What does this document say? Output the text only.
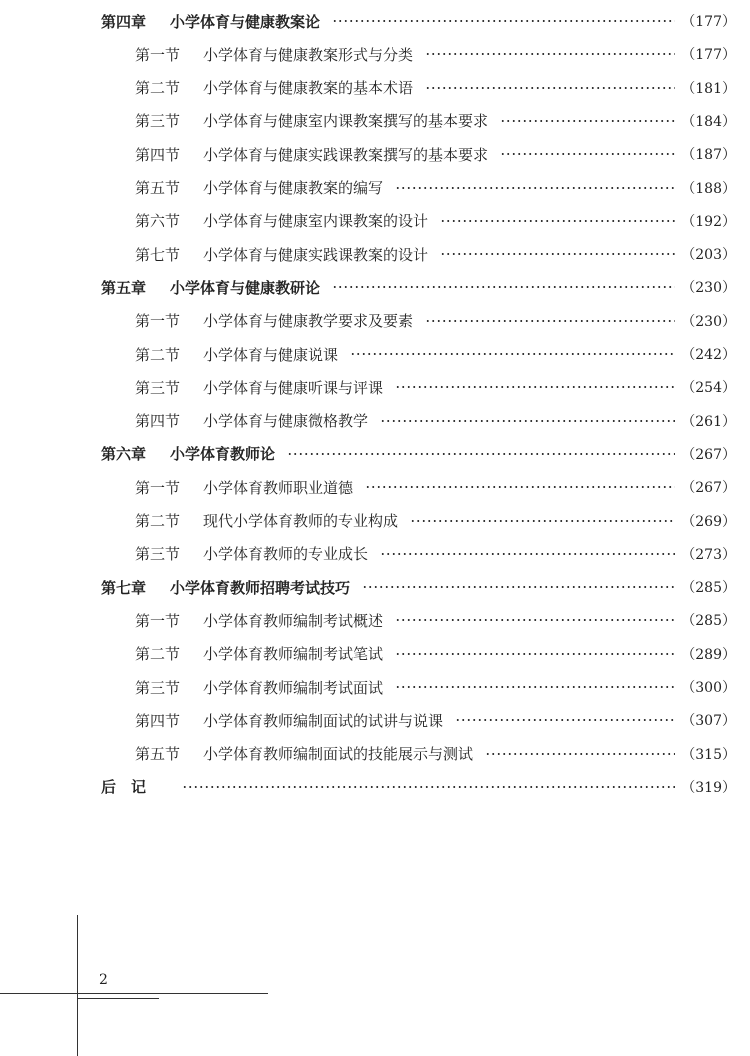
第四章	小学体育与健康教案论	（177）
第一节	小学体育与健康教案形式与分类	（177）
第二节	小学体育与健康教案的基本术语	（181）
第三节	小学体育与健康室内课教案撰写的基本要求	（184）
第四节	小学体育与健康实践课教案撰写的基本要求	（187）
第五节	小学体育与健康教案的编写	（188）
第六节	小学体育与健康室内课教案的设计	（192）
第七节	小学体育与健康实践课教案的设计	（203）
第五章	小学体育与健康教研论	（230）
第一节	小学体育与健康教学要求及要素	（230）
第二节	小学体育与健康说课	（242）
第三节	小学体育与健康听课与评课	（254）
第四节	小学体育与健康微格教学	（261）
第六章	小学体育教师论	（267）
第一节	小学体育教师职业道德	（267）
第二节	现代小学体育教师的专业构成	（269）
第三节	小学体育教师的专业成长	（273）
第七章	小学体育教师招聘考试技巧	（285）
第一节	小学体育教师编制考试概述	（285）
第二节	小学体育教师编制考试笔试	（289）
第三节	小学体育教师编制考试面试	（300）
第四节	小学体育教师编制面试的试讲与说课	（307）
第五节	小学体育教师编制面试的技能展示与测试	（315）
后　记	（319）
2
